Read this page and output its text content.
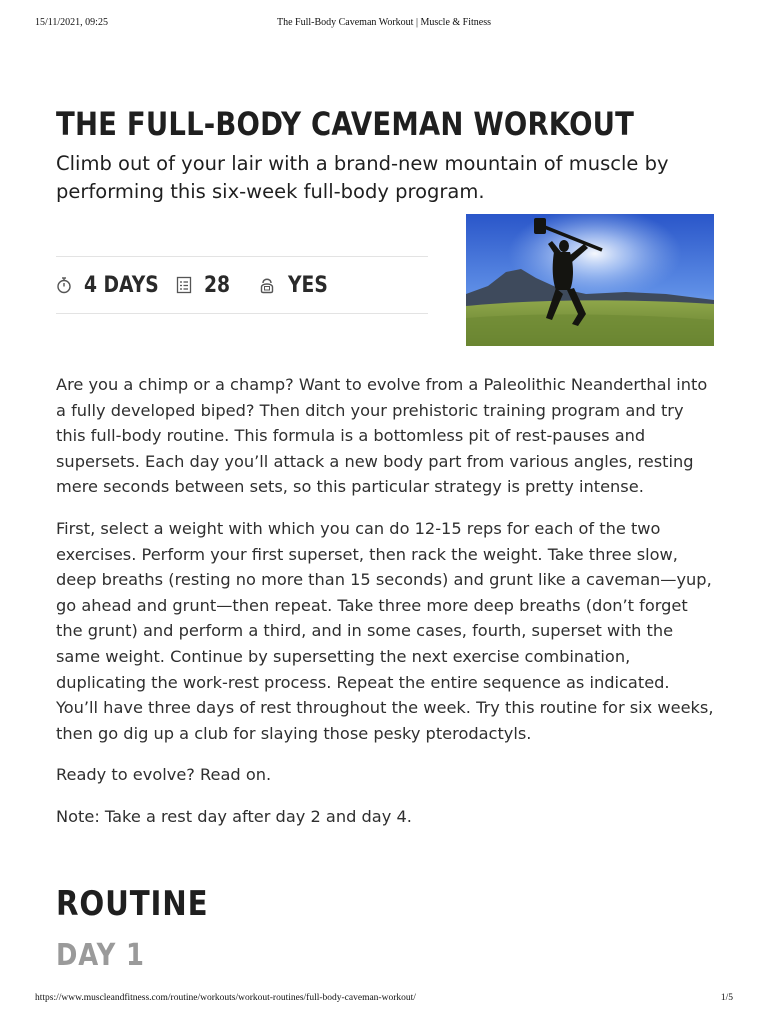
15/11/2021, 09:25	The Full-Body Caveman Workout | Muscle & Fitness
THE FULL-BODY CAVEMAN WORKOUT

Climb out of your lair with a brand-new mountain of muscle by performing this six-week full-body program.

4 DAYS 28	YES

Are you a chimp or a champ? Want to evolve from a Paleolithic Neanderthal into a fully developed biped? Then ditch your prehistoric training program and try this full-body routine. This formula is a bottomless pit of rest-pauses and supersets. Each day you’ll attack a new body part from various angles, resting mere seconds between sets, so this particular strategy is pretty intense.

First, select a weight with which you can do 12-15 reps for each of the two exercises. Perform your first superset, then rack the weight. Take three slow, deep breaths (resting no more than 15 seconds) and grunt like a caveman—yup, go ahead and grunt—then repeat. Take three more deep breaths (don’t forget the grunt) and perform a third, and in some cases, fourth, superset with the same weight. Continue by supersetting the next exercise combination, duplicating the work-rest process. Repeat the entire sequence as indicated. You’ll have three days of rest throughout the week. Try this routine for six weeks, then go dig up a club for slaying those pesky pterodactyls.

Ready to evolve? Read on.

Note: Take a rest day after day 2 and day 4.

ROUTINE
DAY 1
https://www.muscleandfitness.com/routine/workouts/workout-routines/full-body-caveman-workout/	1/5
